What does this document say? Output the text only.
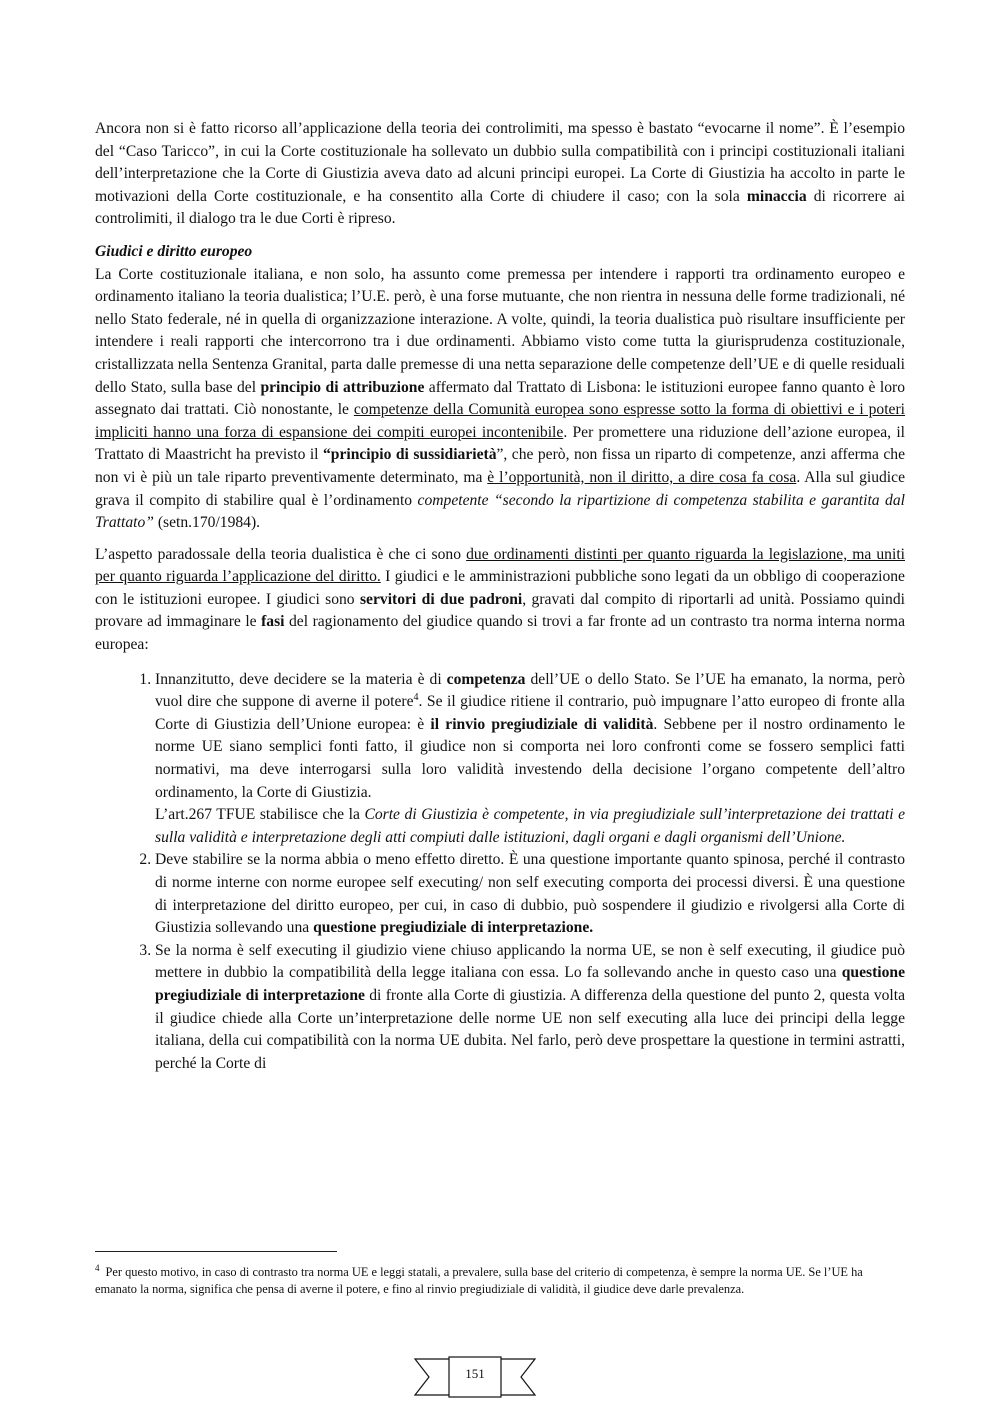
Ancora non si è fatto ricorso all’applicazione della teoria dei controlimiti, ma spesso è bastato “evocarne il nome”. È l’esempio del “Caso Taricco”, in cui la Corte costituzionale ha sollevato un dubbio sulla compatibilità con i principi costituzionali italiani dell’interpretazione che la Corte di Giustizia aveva dato ad alcuni principi europei. La Corte di Giustizia ha accolto in parte le motivazioni della Corte costituzionale, e ha consentito alla Corte di chiudere il caso; con la sola minaccia di ricorrere ai controlimiti, il dialogo tra le due Corti è ripreso.

Giudici e diritto europeo

La Corte costituzionale italiana, e non solo, ha assunto come premessa per intendere i rapporti tra ordinamento europeo e ordinamento italiano la teoria dualistica; l’U.E. però, è una forse mutuante, che non rientra in nessuna delle forme tradizionali, né nello Stato federale, né in quella di organizzazione interazione. A volte, quindi, la teoria dualistica può risultare insufficiente per intendere i reali rapporti che intercorrono tra i due ordinamenti. Abbiamo visto come tutta la giurisprudenza costituzionale, cristallizzata nella Sentenza Granital, parta dalle premesse di una netta separazione delle competenze dell’UE e di quelle residuali dello Stato, sulla base del principio di attribuzione affermato dal Trattato di Lisbona: le istituzioni europee fanno quanto è loro assegnato dai trattati. Ciò nonostante, le competenze della Comunità europea sono espresse sotto la forma di obiettivi e i poteri impliciti hanno una forza di espansione dei compiti europei incontenibile. Per promettere una riduzione dell’azione europea, il Trattato di Maastricht ha previsto il “principio di sussidiarietà”, che però, non fissa un riparto di competenze, anzi afferma che non vi è più un tale riparto preventivamente determinato, ma è l’opportunità, non il diritto, a dire cosa fa cosa. Alla sul giudice grava il compito di stabilire qual è l’ordinamento competente “secondo la ripartizione di competenza stabilita e garantita dal Trattato” (setn.170/1984).

L’aspetto paradossale della teoria dualistica è che ci sono due ordinamenti distinti per quanto riguarda la legislazione, ma uniti per quanto riguarda l’applicazione del diritto. I giudici e le amministrazioni pubbliche sono legati da un obbligo di cooperazione con le istituzioni europee. I giudici sono servitori di due padroni, gravati dal compito di riportarli ad unità. Possiamo quindi provare ad immaginare le fasi del ragionamento del giudice quando si trovi a far fronte ad un contrasto tra norma interna norma europea:

1. Innanzitutto, deve decidere se la materia è di competenza dell’UE o dello Stato. Se l’UE ha emanato, la norma, però vuol dire che suppone di averne il potere$^4$. Se il giudice ritiene il contrario, può impugnare l’atto europeo di fronte alla Corte di Giustizia dell’Unione europea: è il rinvio pregiudiziale di validità. Sebbene per il nostro ordinamento le norme UE siano semplici fonti fatto, il giudice non si comporta nei loro confronti come se fossero semplici fatti normativi, ma deve interrogarsi sulla loro validità investendo della decisione l’organo competente dell’altro ordinamento, la Corte di Giustizia.
L’art.267 TFUE stabilisce che la Corte di Giustizia è competente, in via pregiudiziale sull’interpretazione dei trattati e sulla validità e interpretazione degli atti compiuti dalle istituzioni, dagli organi e dagli organismi dell’Unione.
2. Deve stabilire se la norma abbia o meno effetto diretto. È una questione importante quanto spinosa, perché il contrasto di norme interne con norme europee self executing/ non self executing comporta dei processi diversi. È una questione di interpretazione del diritto europeo, per cui, in caso di dubbio, può sospendere il giudizio e rivolgersi alla Corte di Giustizia sollevando una questione pregiudiziale di interpretazione.
3. Se la norma è self executing il giudizio viene chiuso applicando la norma UE, se non è self executing, il giudice può mettere in dubbio la compatibilità della legge italiana con essa. Lo fa sollevando anche in questo caso una questione pregiudiziale di interpretazione di fronte alla Corte di giustizia. A differenza della questione del punto 2, questa volta il giudice chiede alla Corte un’interpretazione delle norme UE non self executing alla luce dei principi della legge italiana, della cui compatibilità con la norma UE dubita. Nel farlo, però deve prospettare la questione in termini astratti, perché la Corte di
$^4$ Per questo motivo, in caso di contrasto tra norma UE e leggi statali, a prevalere, sulla base del criterio di competenza, è sempre la norma UE. Se l’UE ha emanato la norma, significa che pensa di averne il potere, e fino al rinvio pregiudiziale di validità, il giudice deve darle prevalenza.
151
